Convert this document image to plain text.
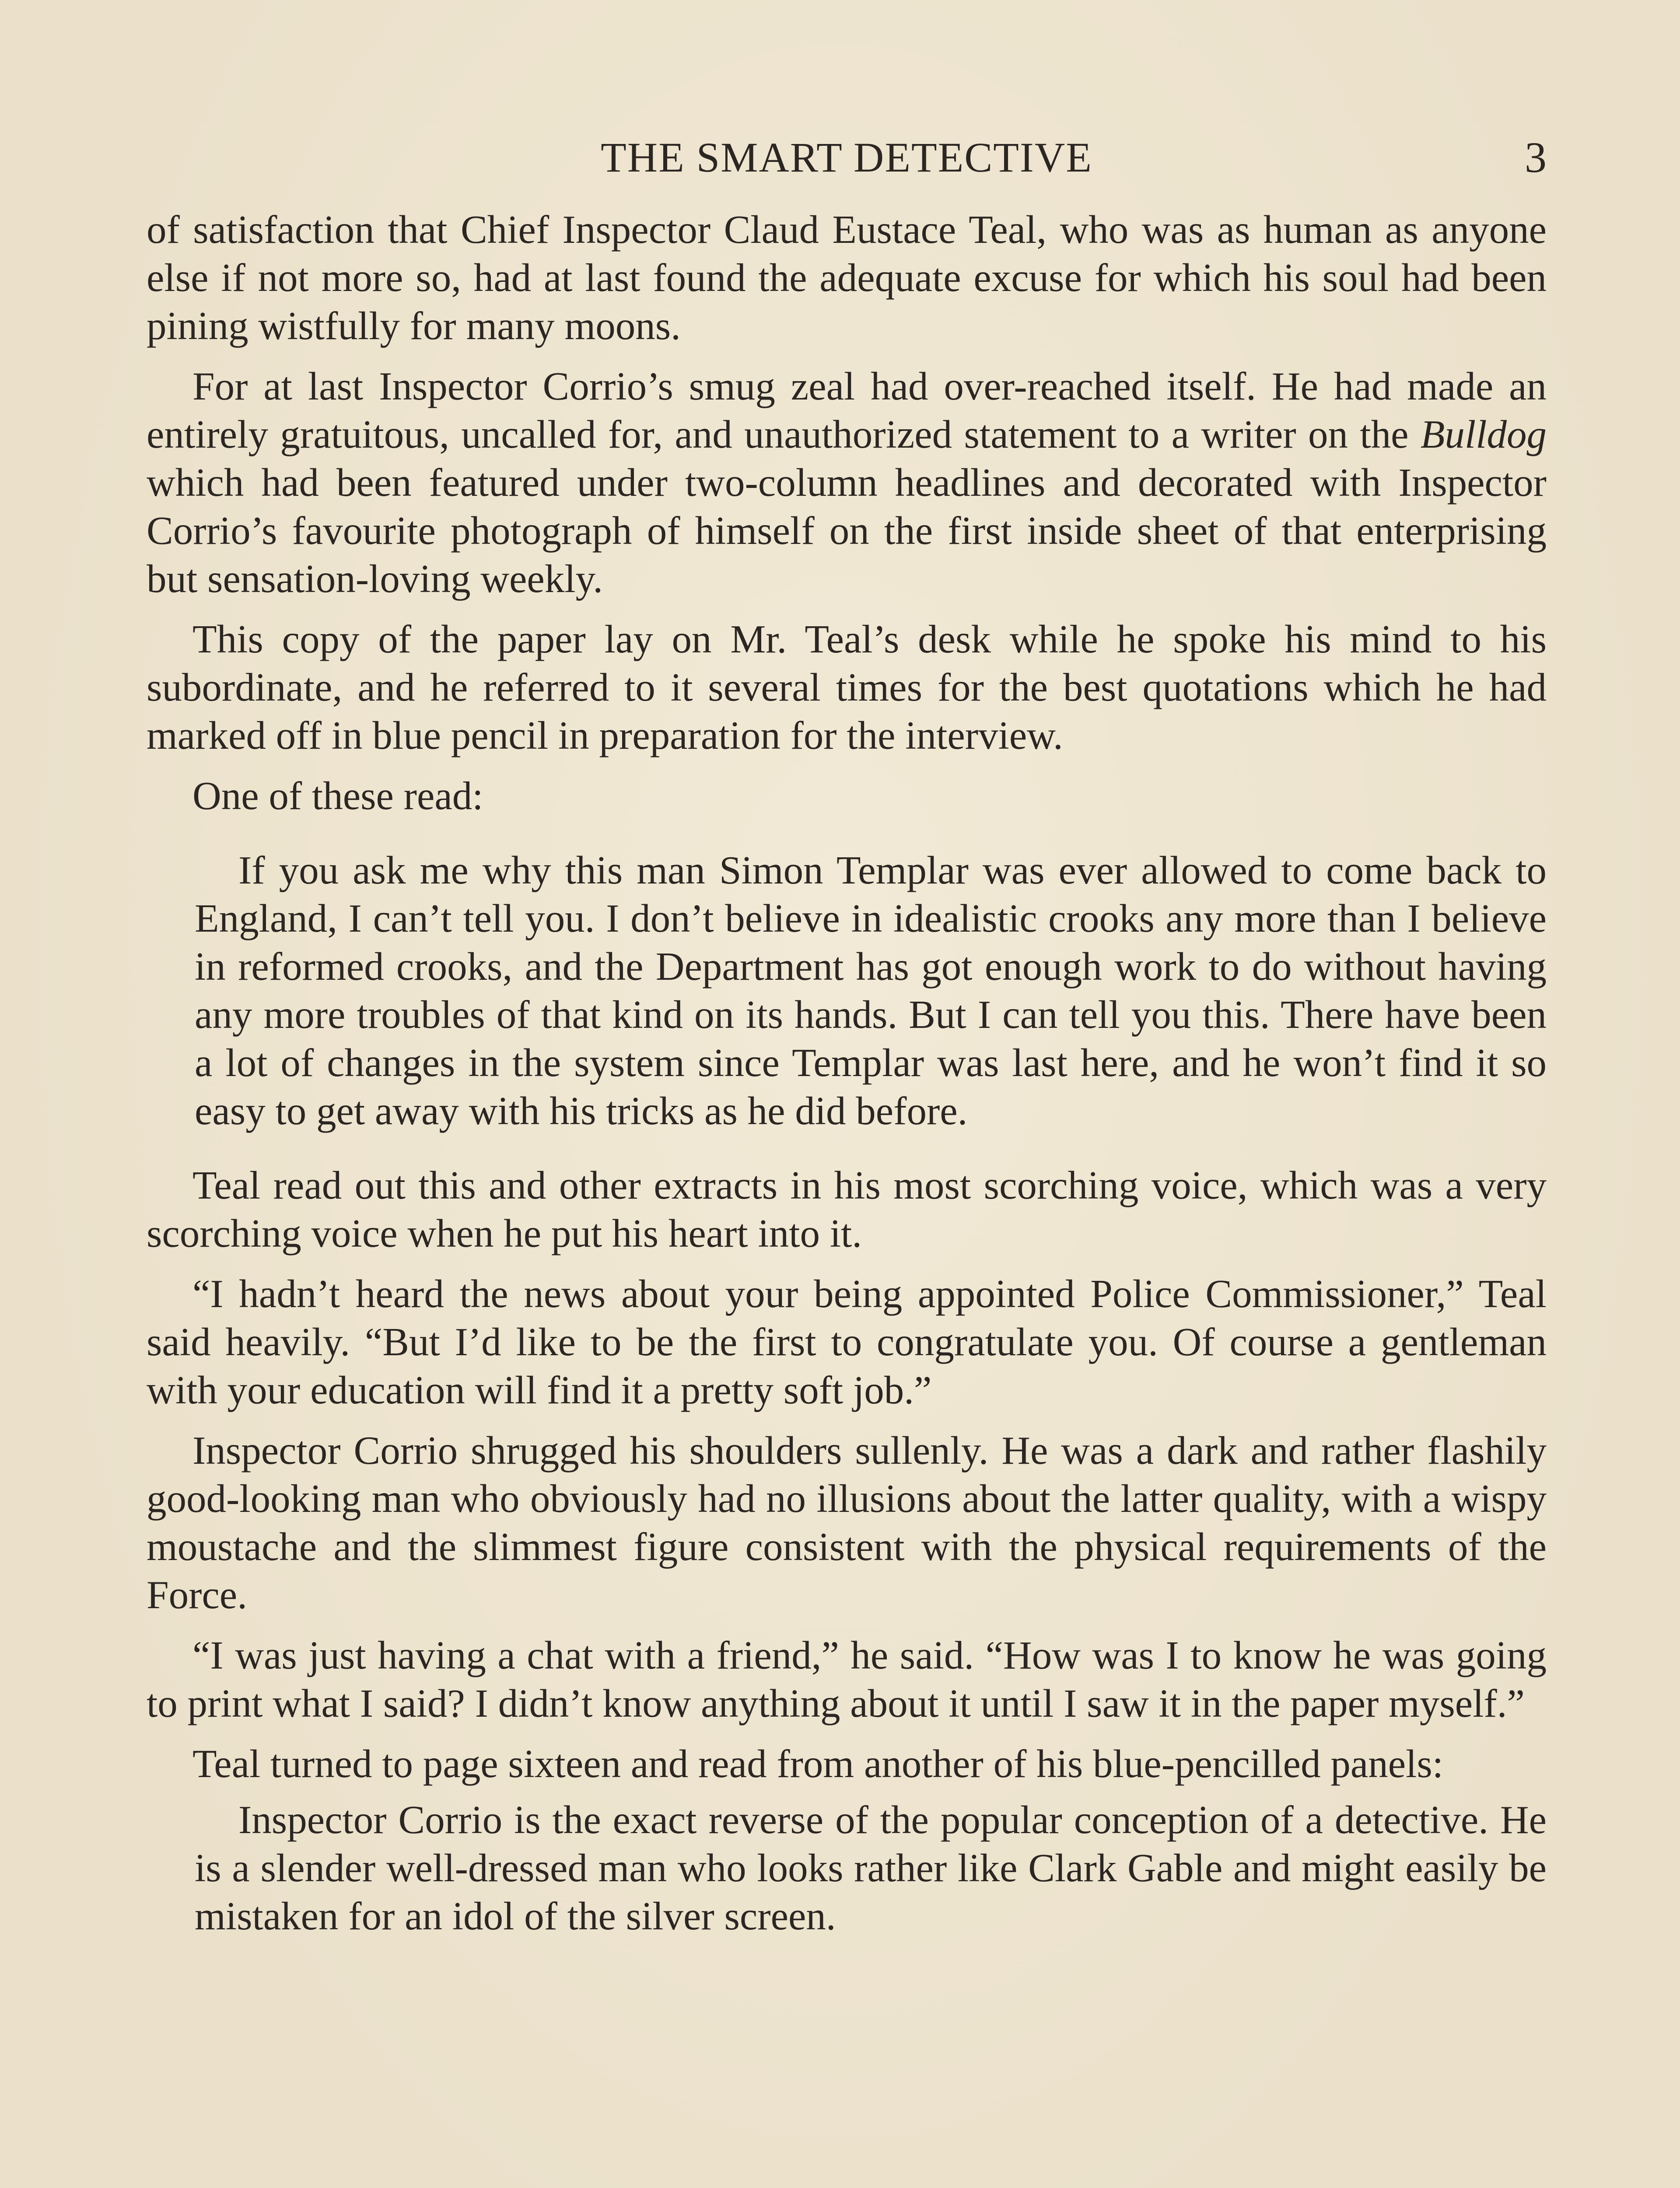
THE SMART DETECTIVE	3

of satisfaction that Chief Inspector Claud Eustace Teal, who was as human as anyone else if not more so, had at last found the adequate excuse for which his soul had been pining wistfully for many moons.

For at last Inspector Corrio’s smug zeal had over-reached itself. He had made an entirely gratuitous, uncalled for, and unauthorized statement to a writer on the Bulldog which had been featured under two-column headlines and decorated with Inspector Corrio’s favourite photograph of himself on the first inside sheet of that enterprising but sensation-loving weekly.

This copy of the paper lay on Mr. Teal’s desk while he spoke his mind to his subordinate, and he referred to it several times for the best quotations which he had marked off in blue pencil in preparation for the interview.

One of these read:

If you ask me why this man Simon Templar was ever allowed to come back to England, I can’t tell you. I don’t believe in idealistic crooks any more than I believe in reformed crooks, and the Department has got enough work to do without having any more troubles of that kind on its hands. But I can tell you this. There have been a lot of changes in the system since Templar was last here, and he won’t find it so easy to get away with his tricks as he did before.

Teal read out this and other extracts in his most scorching voice, which was a very scorching voice when he put his heart into it.

“I hadn’t heard the news about your being appointed Police Commissioner,” Teal said heavily. “But I’d like to be the first to congratulate you. Of course a gentleman with your education will find it a pretty soft job.”

Inspector Corrio shrugged his shoulders sullenly. He was a dark and rather flashily good-looking man who obviously had no illusions about the latter quality, with a wispy moustache and the slimmest figure consistent with the physical requirements of the Force.

“I was just having a chat with a friend,” he said. “How was I to know he was going to print what I said? I didn’t know anything about it until I saw it in the paper myself.”

Teal turned to page sixteen and read from another of his blue-pencilled panels:

Inspector Corrio is the exact reverse of the popular conception of a detective. He is a slender well-dressed man who looks rather like Clark Gable and might easily be mistaken for an idol of the silver screen.
